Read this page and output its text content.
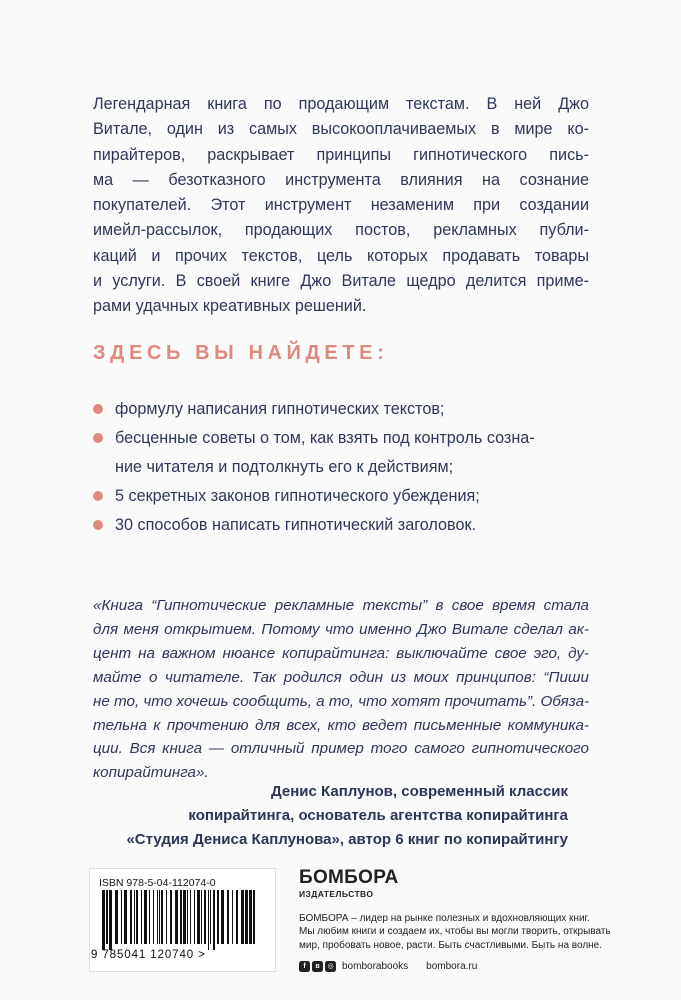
Легендарная книга по продающим текстам. В ней Джо
Витале, один из самых высокооплачиваемых в мире ко-
пирайтеров, раскрывает принципы гипнотического пись-
ма — безотказного инструмента влияния на сознание
покупателей. Этот инструмент незаменим при создании
имейл-рассылок, продающих постов, рекламных публи-
каций и прочих текстов, цель которых продавать товары
и услуги. В своей книге Джо Витале щедро делится приме-
рами удачных креативных решений.
ЗДЕСЬ ВЫ НАЙДЕТЕ:
формулу написания гипнотических текстов;
бесценные советы о том, как взять под контроль созна-
ние читателя и подтолкнуть его к действиям;
5 секретных законов гипнотического убеждения;
30 способов написать гипнотический заголовок.
«Книга “Гипнотические рекламные тексты” в свое время стала
для меня открытием. Потому что именно Джо Витале сделал ак-
цент на важном нюансе копирайтинга: выключайте свое эго, ду-
майте о читателе. Так родился один из моих принципов: “Пиши
не то, что хочешь сообщить, а то, что хотят прочитать”. Обяза-
тельна к прочтению для всех, кто ведет письменные коммуника-
ции. Вся книга — отличный пример того самого гипнотического
копирайтинга».
Денис Каплунов, современный классик
копирайтинга, основатель агентства копирайтинга
«Студия Дениса Каплунова», автор 6 книг по копирайтингу
ISBN 978-5-04-112074-0
9 785041 120740 >
БОМБОРА
ИЗДАТЕЛЬСТВО
БОМБОРА – лидер на рынке полезных и вдохновляющих книг.
Мы любим книги и создаем их, чтобы вы могли творить, открывать
мир, пробовать новое, расти. Быть счастливыми. Быть на волне.
f	в	◎ bomborabooks bombora.ru
